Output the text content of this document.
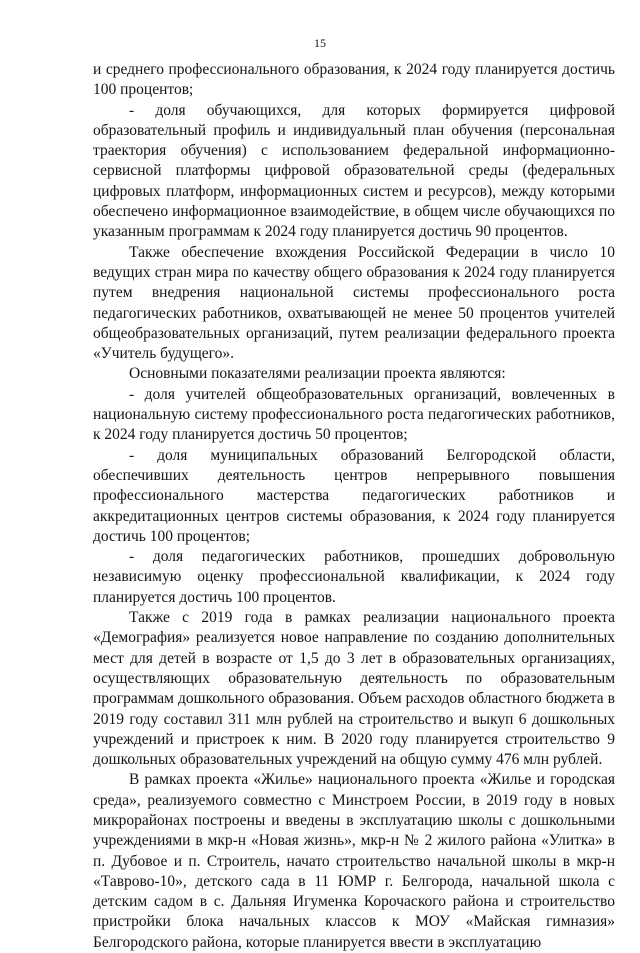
15

и среднего профессионального образования, к 2024 году планируется достичь 100 процентов;

- доля обучающихся, для которых формируется цифровой образовательный профиль и индивидуальный план обучения (персональная траектория обучения) с использованием федеральной информационно-сервисной платформы цифровой образовательной среды (федеральных цифровых платформ, информационных систем и ресурсов), между которыми обеспечено информационное взаимодействие, в общем числе обучающихся по указанным программам к 2024 году планируется достичь 90 процентов.

Также обеспечение вхождения Российской Федерации в число 10 ведущих стран мира по качеству общего образования к 2024 году планируется путем внедрения национальной системы профессионального роста педагогических работников, охватывающей не менее 50 процентов учителей общеобразовательных организаций, путем реализации федерального проекта «Учитель будущего».

Основными показателями реализации проекта являются:

- доля учителей общеобразовательных организаций, вовлеченных в национальную систему профессионального роста педагогических работников, к 2024 году планируется достичь 50 процентов;

- доля муниципальных образований Белгородской области, обеспечивших деятельность центров непрерывного повышения профессионального мастерства педагогических работников и аккредитационных центров системы образования, к 2024 году планируется достичь 100 процентов;

- доля педагогических работников, прошедших добровольную независимую оценку профессиональной квалификации, к 2024 году планируется достичь 100 процентов.

Также с 2019 года в рамках реализации национального проекта «Демография» реализуется новое направление по созданию дополнительных мест для детей в возрасте от 1,5 до 3 лет в образовательных организациях, осуществляющих образовательную деятельность по образовательным программам дошкольного образования. Объем расходов областного бюджета в 2019 году составил 311 млн рублей на строительство и выкуп 6 дошкольных учреждений и пристроек к ним. В 2020 году планируется строительство 9 дошкольных образовательных учреждений на общую сумму 476 млн рублей.

В рамках проекта «Жилье» национального проекта «Жилье и городская среда», реализуемого совместно с Минстроем России, в 2019 году в новых микрорайонах построены и введены в эксплуатацию школы с дошкольными учреждениями в мкр-н «Новая жизнь», мкр-н № 2 жилого района «Улитка» в п. Дубовое и п. Строитель, начато строительство начальной школы в мкр-н «Таврово-10», детского сада в 11 ЮМР г. Белгорода, начальной школа с детским садом в с. Дальняя Игуменка Корочаского района и строительство пристройки блока начальных классов к МОУ «Майская гимназия» Белгородского района, которые планируется ввести в эксплуатацию
